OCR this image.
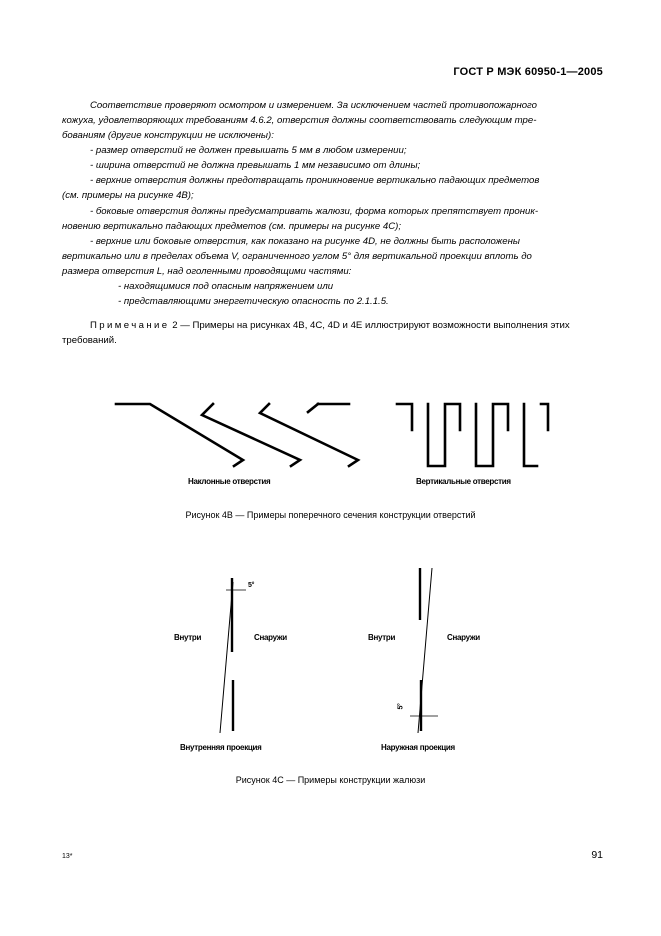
ГОСТ Р МЭК 60950-1—2005
Соответствие проверяют осмотром и измерением. За исключением частей противопожарного
кожуха, удовлетворяющих требованиям 4.6.2, отверстия должны соответствовать следующим тре-
бованиям (другие конструкции не исключены):
- размер отверстий не должен превышать 5 мм в любом измерении;
- ширина отверстий не должна превышать 1 мм независимо от длины;
- верхние отверстия должны предотвращать проникновение вертикально падающих предметов
(см. примеры на рисунке 4В);
- боковые отверстия должны предусматривать жалюзи, форма которых препятствует проник-
новению вертикально падающих предметов (см. примеры на рисунке 4С);
- верхние или боковые отверстия, как показано на рисунке 4D, не должны быть расположены
вертикально или в пределах объема V, ограниченного углом 5° для вертикальной проекции вплоть до
размера отверстия L, над оголенными проводящими частями:
- находящимися под опасным напряжением или
- представляющими энергетическую опасность по 2.1.1.5.
Примечание 2 — Примеры на рисунках 4В, 4С, 4D и 4Е иллюстрируют возможности выполнения этих
требований.
Наклонные отверстия	Вертикальные отверстия
Рисунок 4В — Примеры поперечного сечения конструкции отверстий
5°
Внутри	Снаружи	Внутри	Снаружи
5°
Внутренняя проекция	Наружная проекция
Рисунок 4С — Примеры конструкции жалюзи
13*	91
